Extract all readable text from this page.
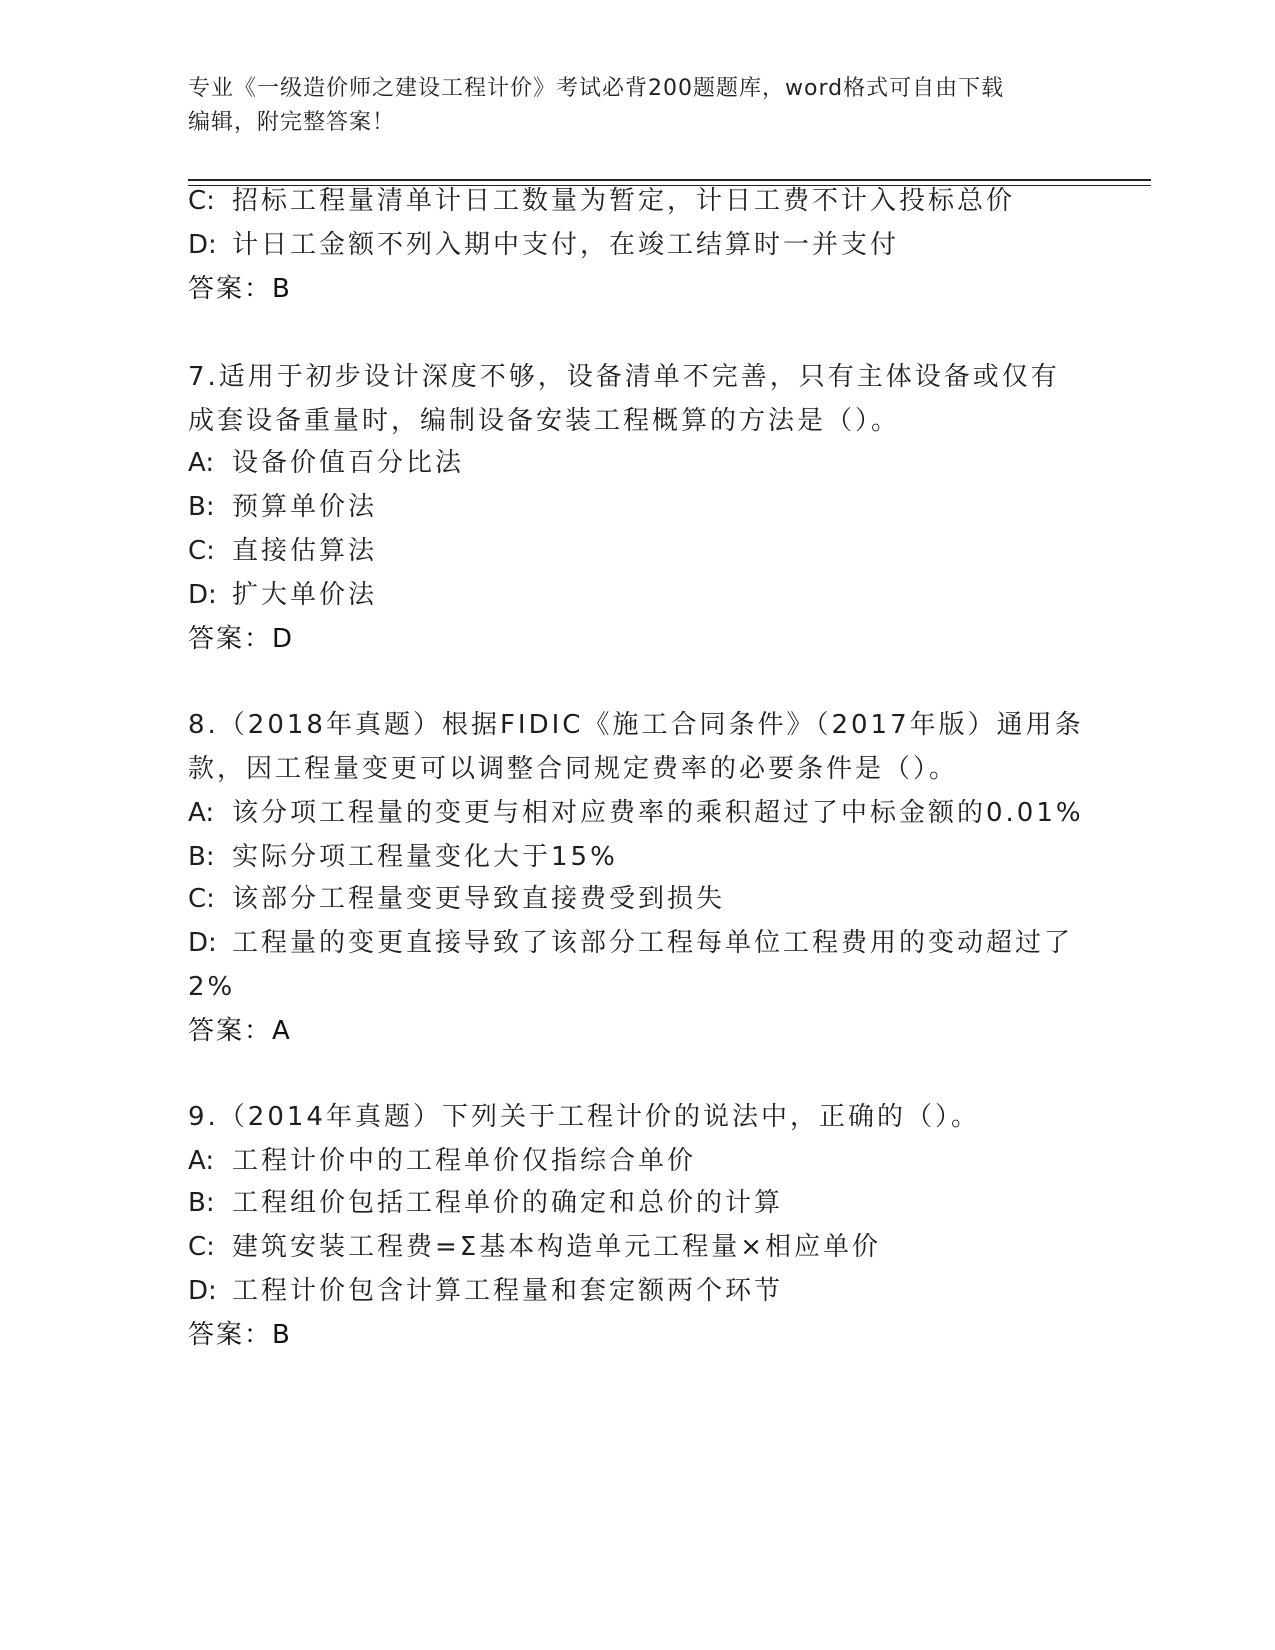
专业《一级造价师之建设工程计价》考试必背200题题库，word格式可自由下载
编辑，附完整答案！
C: 招标工程量清单计日工数量为暂定，计日工费不计入投标总价
D: 计日工金额不列入期中支付，在竣工结算时一并支付
答案：B
7.适用于初步设计深度不够，设备清单不完善，只有主体设备或仅有
成套设备重量时，编制设备安装工程概算的方法是（）。
A: 设备价值百分比法
B: 预算单价法
C: 直接估算法
D: 扩大单价法
答案：D
8.（2018年真题）根据FIDIC《施工合同条件》（2017年版）通用条
款，因工程量变更可以调整合同规定费率的必要条件是（）。
A: 该分项工程量的变更与相对应费率的乘积超过了中标金额的0.01%
B: 实际分项工程量变化大于15%
C: 该部分工程量变更导致直接费受到损失
D: 工程量的变更直接导致了该部分工程每单位工程费用的变动超过了
2%
答案：A
9.（2014年真题）下列关于工程计价的说法中，正确的（）。
A: 工程计价中的工程单价仅指综合单价
B: 工程组价包括工程单价的确定和总价的计算
C: 建筑安装工程费=Σ基本构造单元工程量×相应单价
D: 工程计价包含计算工程量和套定额两个环节
答案：B
